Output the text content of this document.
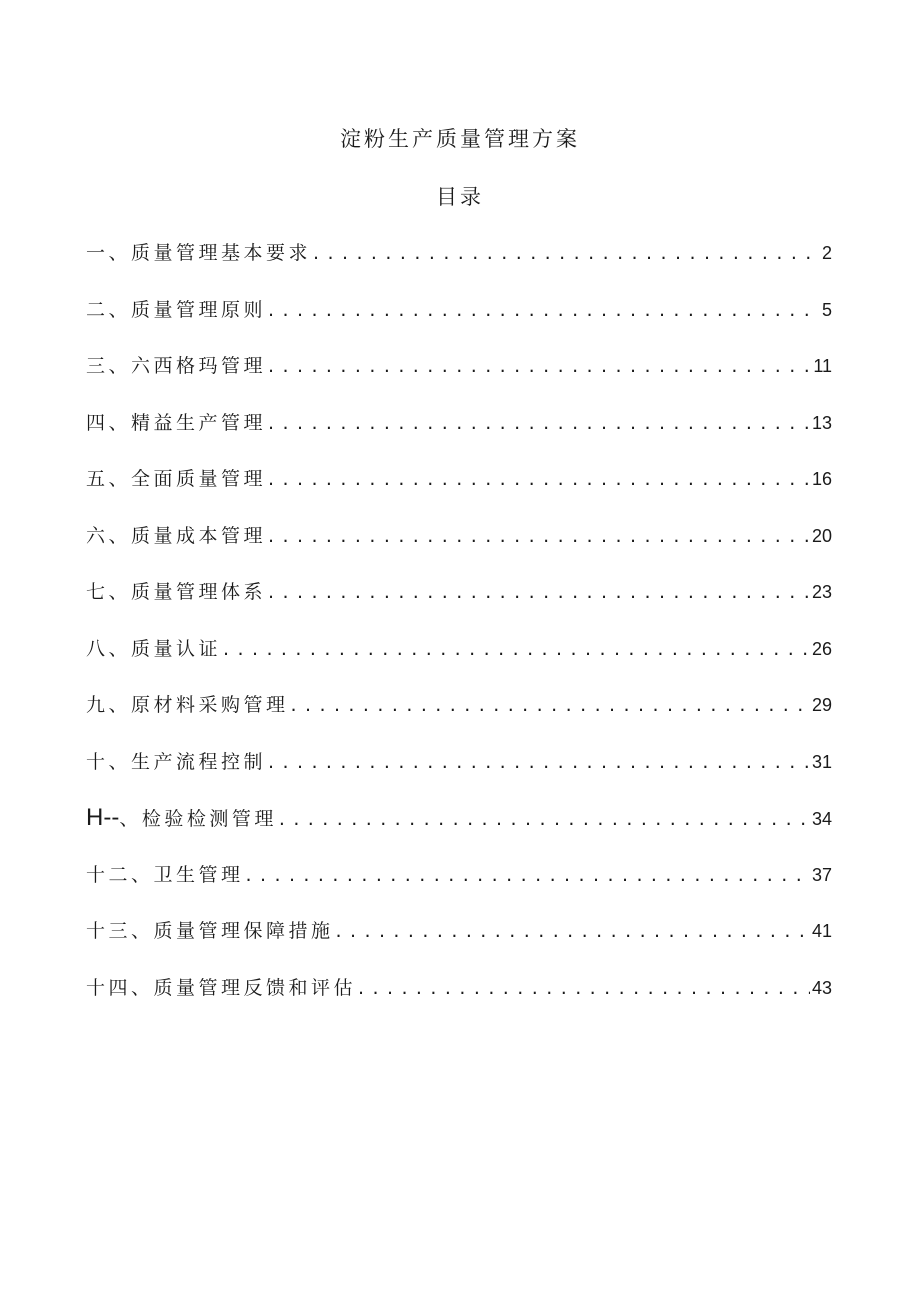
淀粉生产质量管理方案
目录
一、质量管理基本要求 . . .	2
二、质量管理原则 . . .	5
三、六西格玛管理 . . .	11
四、精益生产管理 . . .	13
五、全面质量管理 . . .	16
六、质量成本管理 . . .	20
七、质量管理体系 . . .	23
八、质量认证 . . .	26
九、原材料采购管理 . . .	29
十、生产流程控制 . . .	31
H--、检验检测管理 . . .	34
十二、卫生管理 . . .	37
十三、质量管理保障措施 . . .	41
十四、质量管理反馈和评估 . . .	43
